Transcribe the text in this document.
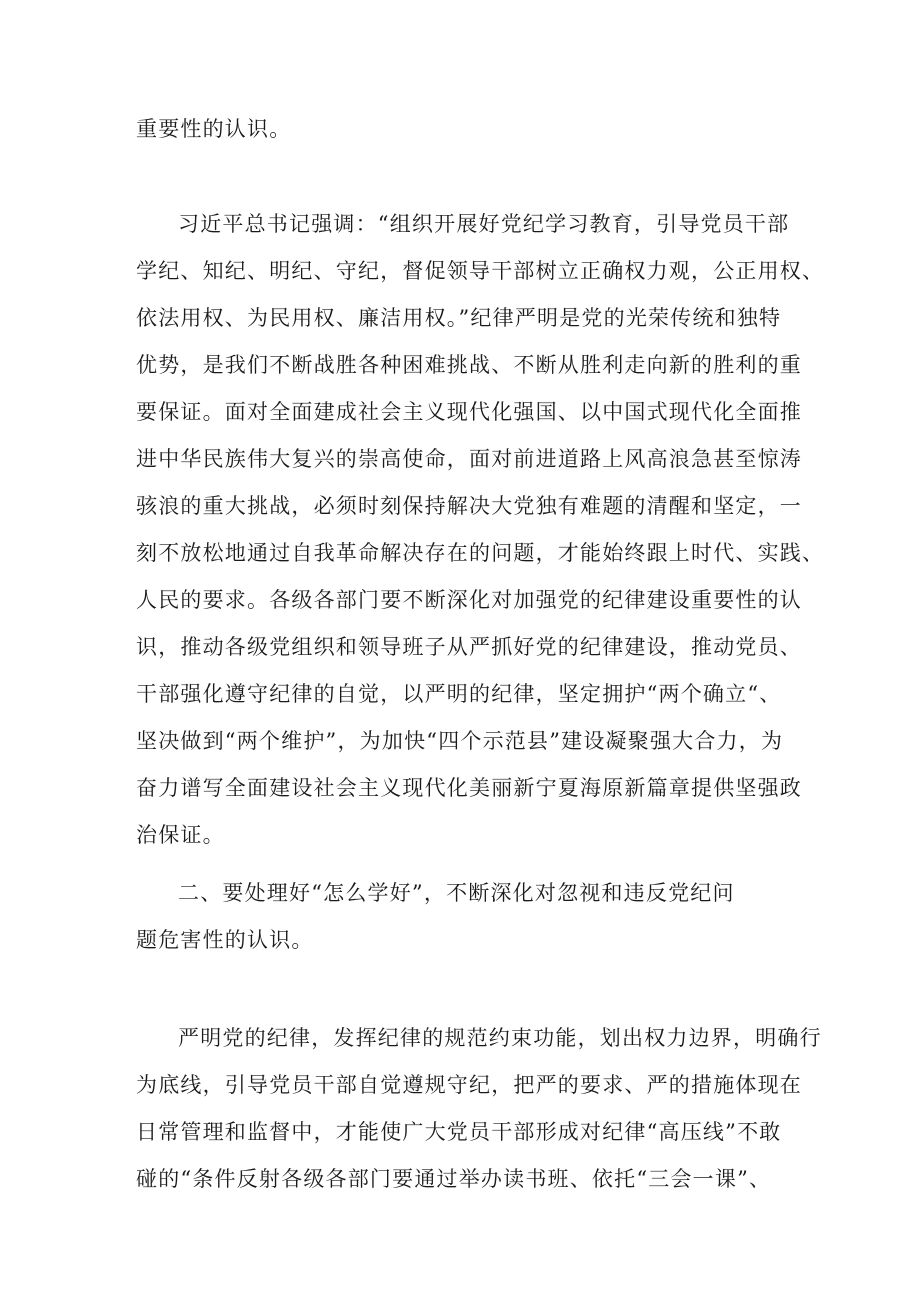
重要性的认识。
习近平总书记强调：“组织开展好党纪学习教育，引导党员干部
学纪、知纪、明纪、守纪，督促领导干部树立正确权力观，公正用权、
依法用权、为民用权、廉洁用权。”纪律严明是党的光荣传统和独特
优势，是我们不断战胜各种困难挑战、不断从胜利走向新的胜利的重
要保证。面对全面建成社会主义现代化强国、以中国式现代化全面推
进中华民族伟大复兴的崇高使命，面对前进道路上风高浪急甚至惊涛
骇浪的重大挑战，必须时刻保持解决大党独有难题的清醒和坚定，一
刻不放松地通过自我革命解决存在的问题，才能始终跟上时代、实践、
人民的要求。各级各部门要不断深化对加强党的纪律建设重要性的认
识，推动各级党组织和领导班子从严抓好党的纪律建设，推动党员、
干部强化遵守纪律的自觉，以严明的纪律，坚定拥护“两个确立“、
坚决做到“两个维护”，为加快“四个示范县”建设凝聚强大合力，为
奋力谱写全面建设社会主义现代化美丽新宁夏海原新篇章提供坚强政
治保证。
二、要处理好“怎么学好”，不断深化对忽视和违反党纪问
题危害性的认识。
严明党的纪律，发挥纪律的规范约束功能，划出权力边界，明确行
为底线，引导党员干部自觉遵规守纪，把严的要求、严的措施体现在
日常管理和监督中，才能使广大党员干部形成对纪律“高压线”不敢
碰的“条件反射各级各部门要通过举办读书班、依托“三会一课”、
